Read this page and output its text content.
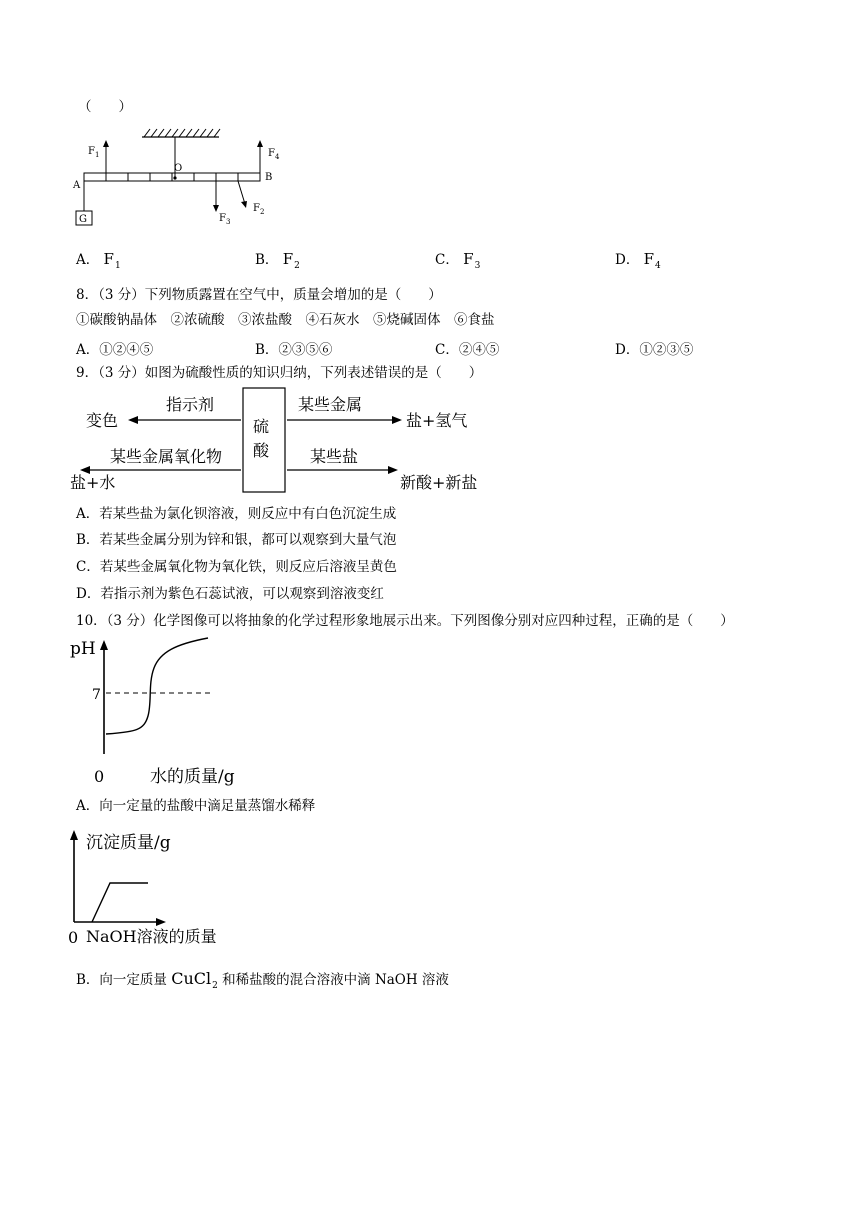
（　　）
O
A
B
G
$F_1$	$F_4$
$F_3$
$F_2$
A． $F_1$	B． $F_2$	C． $F_3$	D． $F_4$
8．（3 分）下列物质露置在空气中，质量会增加的是（　　）
①碳酸钠晶体　②浓硫酸　③浓盐酸　④石灰水　⑤烧碱固体　⑥食盐
A．①②④⑤	B．②③⑤⑥	C．②④⑤	D．①②③⑤
9．（3 分）如图为硫酸性质的知识归纳，下列表述错误的是（　　）
硫
酸
指示剂
变色
某些金属
盐+氢气
某些金属氧化物
盐+水
某些盐
新酸+新盐
A．若某些盐为氯化钡溶液，则反应中有白色沉淀生成
B．若某些金属分别为锌和银，都可以观察到大量气泡
C．若某些金属氧化物为氧化铁，则反应后溶液呈黄色
D．若指示剂为紫色石蕊试液，可以观察到溶液变红
10．（3 分）化学图像可以将抽象的化学过程形象地展示出来。下列图像分别对应四种过程，正确的是（　　）
pH
7
0	水的质量/g
A．向一定量的盐酸中滴足量蒸馏水稀释
沉淀质量/g
0 NaOH溶液的质量
B．向一定质量 CuCl$_2$ 和稀盐酸的混合溶液中滴 NaOH 溶液
